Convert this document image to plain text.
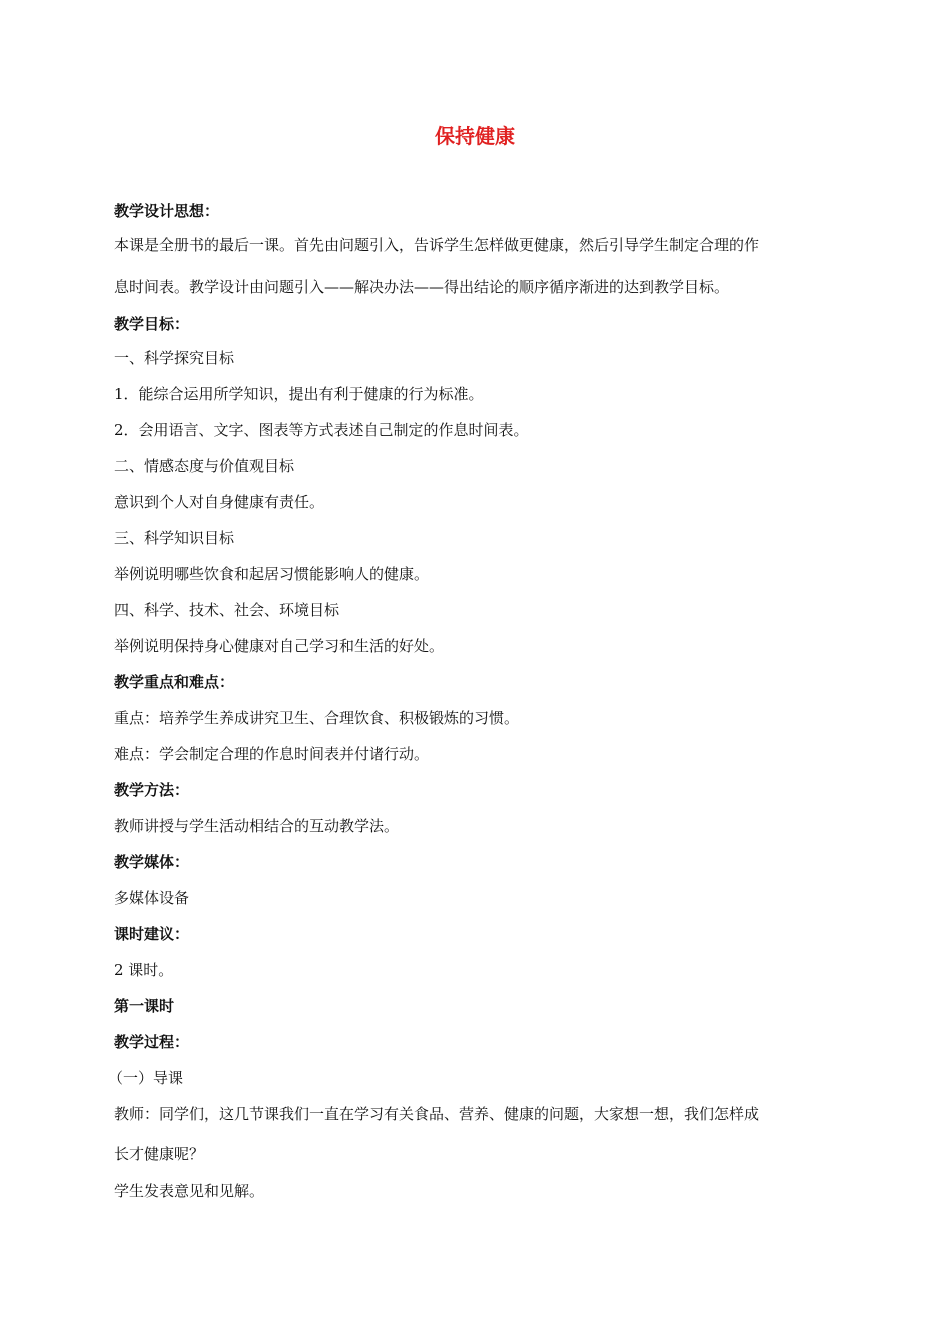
保持健康
教学设计思想：
本课是全册书的最后一课。首先由问题引入，告诉学生怎样做更健康，然后引导学生制定合理的作
息时间表。教学设计由问题引入——解决办法——得出结论的顺序循序渐进的达到教学目标。
教学目标：
一、科学探究目标
1．能综合运用所学知识，提出有利于健康的行为标准。
2．会用语言、文字、图表等方式表述自己制定的作息时间表。
二、情感态度与价值观目标
意识到个人对自身健康有责任。
三、科学知识目标
举例说明哪些饮食和起居习惯能影响人的健康。
四、科学、技术、社会、环境目标
举例说明保持身心健康对自己学习和生活的好处。
教学重点和难点：
重点：培养学生养成讲究卫生、合理饮食、积极锻炼的习惯。
难点：学会制定合理的作息时间表并付诸行动。
教学方法：
教师讲授与学生活动相结合的互动教学法。
教学媒体：
多媒体设备
课时建议：
2 课时。
第一课时
教学过程：
（一）导课
教师：同学们，这几节课我们一直在学习有关食品、营养、健康的问题，大家想一想，我们怎样成
长才健康呢？
学生发表意见和见解。
